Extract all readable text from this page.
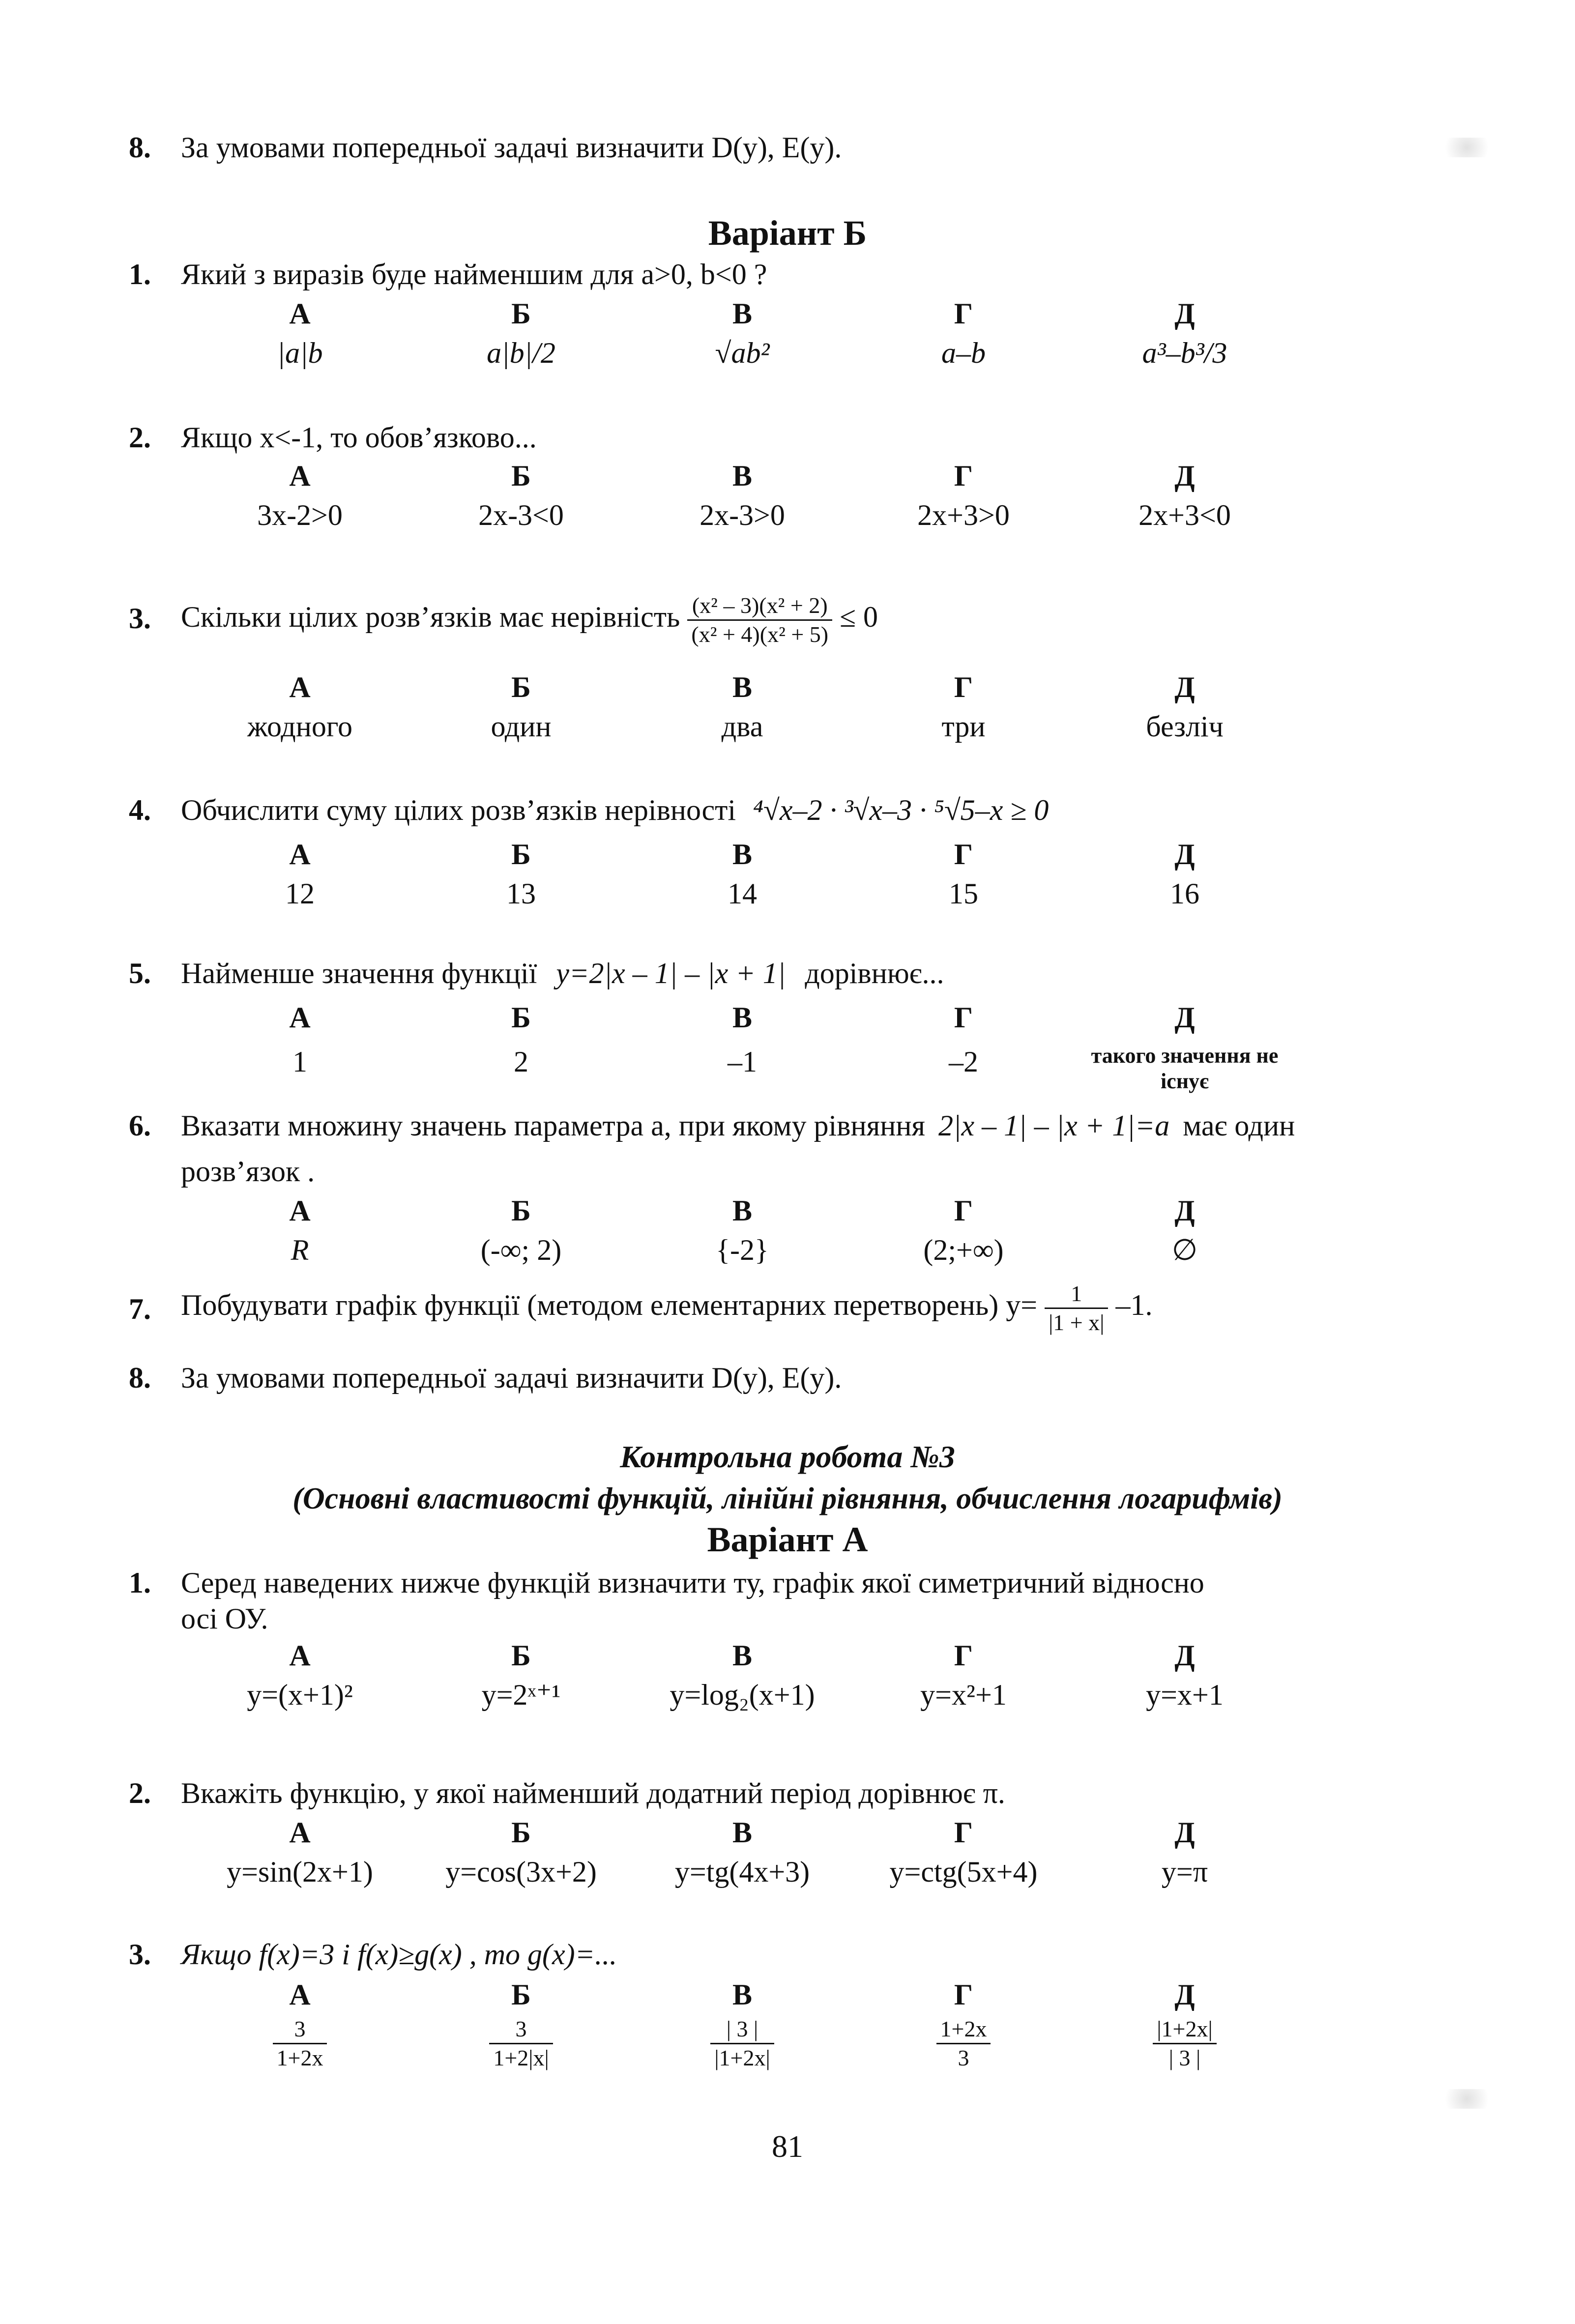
8. За умовами попередньої задачі визначити D(y), E(y).
Варіант Б
1. Який з виразів буде найменшим для a>0, b<0 ?
А	Б	В	Г	Д
|a|b	a|b|/2	√ab²	a–b	a³–b³/3
2. Якщо x<-1, то обов’язково...
А	Б	В	Г	Д
3x-2>0	2x-3<0	2x-3>0	2x+3>0	2x+3<0
3. Скільки цілих розв’язків має нерівність $\frac{\text{(x² – 3)(x² + 2)}}{\text{(x² + 4)(x² + 5)}} \le 0$
А	Б	В	Г	Д
жодного	один	два	три	безліч
4. Обчислити суму цілих розв’язків нерівності ⁴√x–2 · ³√x–3 · ⁵√5–x ≥ 0
А	Б	В	Г	Д
12	13	14	15	16
5. Найменше значення функції y=2|x – 1| – |x + 1| дорівнює...
А	Б	В	Г	Д
1	2	–1	–2	такого значення не існує
6. Вказати множину значень параметра a, при якому рівняння 2|x – 1| – |x + 1|=a має один
розв’язок .
А	Б	В	Г	Д
R	(-∞; 2)	{-2}	(2;+∞)	∅
7. Побудувати графік функції (методом елементарних перетворень) $y= \frac{1}{|1 + x|} -1$.
8. За умовами попередньої задачі визначити D(y), E(y).
Контрольна робота №3
(Основні властивості функцій, лінійні рівняння, обчислення логарифмів)
Варіант А
1. Серед наведених нижче функцій визначити ту, графік якої симетричний відносно
осі ОУ.
А	Б	В	Г	Д
y=(x+1)²	y=2ˣ⁺¹	y=log₂(x+1)	y=x²+1	y=x+1
2. Вкажіть функцію, у якої найменший додатний період дорівнює π.
А	Б	В	Г	Д
y=sin(2x+1)	y=cos(3x+2)	y=tg(4x+3)	y=ctg(5x+4)	y=π
3. Якщо f(x)=3 і f(x)≥g(x) , то g(x)=...
А	Б	В	Г	Д
$\frac{3}{1+2x}$	$\frac{3}{1+2|x|}$	$\frac{| 3 |}{|1+2x|}$	$\frac{1+2x}{3}$	$\frac{|1+2x|}{| 3 |}$
81
